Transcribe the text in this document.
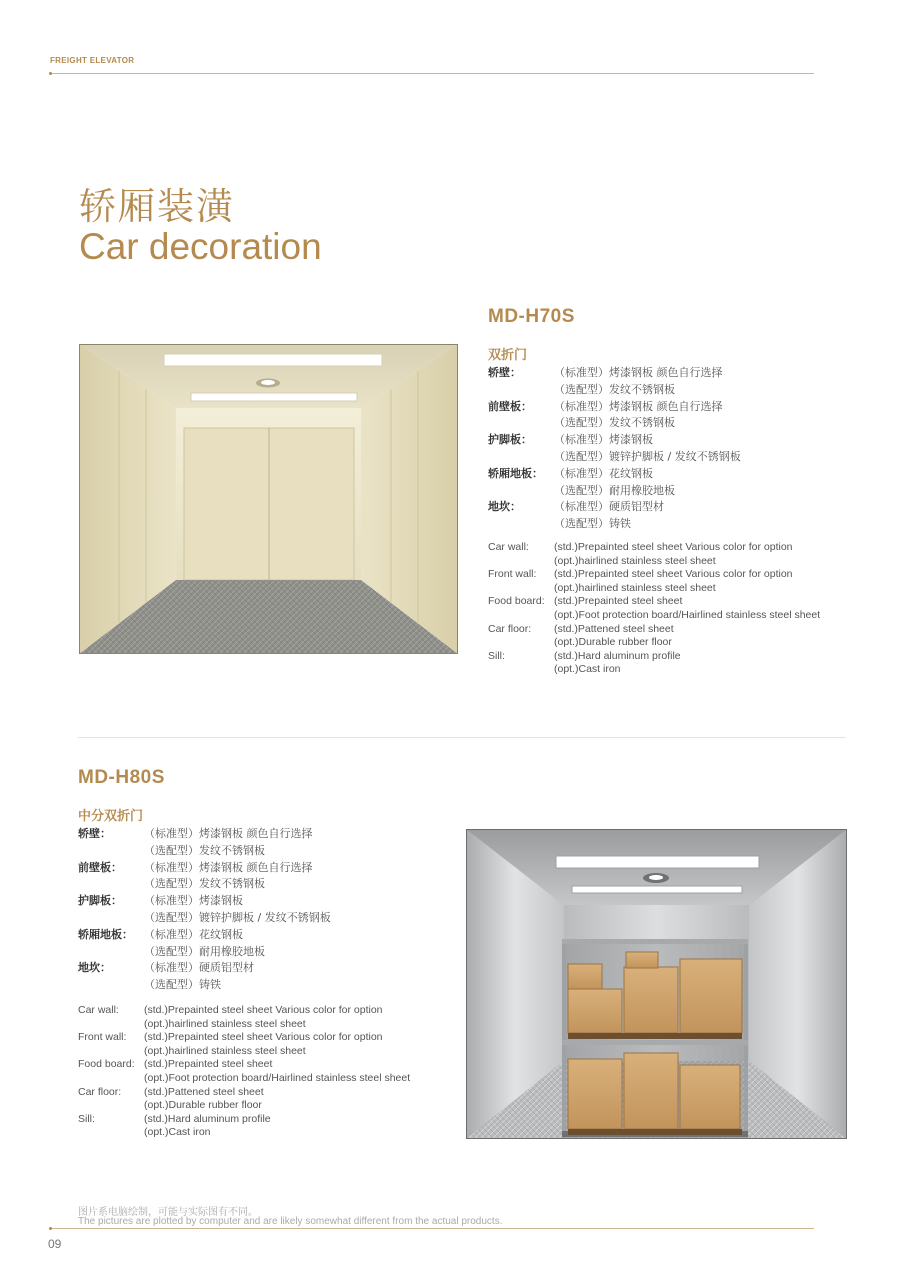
FREIGHT ELEVATOR
轿厢装潢
Car decoration
MD-H70S
双折门
轿壁：	（标准型）烤漆钢板 颜色自行选择
（选配型）发纹不锈钢板
前壁板： （标准型）烤漆钢板 颜色自行选择
（选配型）发纹不锈钢板
护脚板： （标准型）烤漆钢板
（选配型）镀锌护脚板 / 发纹不锈钢板
轿厢地板： （标准型）花纹钢板
（选配型）耐用橡胶地板
地坎：	（标准型）硬质铝型材
（选配型）铸铁
Car wall: (std.)Prepainted steel sheet Various color for option
(opt.)hairlined stainless steel sheet
Front wall: (std.)Prepainted steel sheet Various color for option
(opt.)hairlined stainless steel sheet
Food board: (std.)Prepainted steel sheet
(opt.)Foot protection board/Hairlined stainless steel sheet
Car floor: (std.)Pattened steel sheet
(opt.)Durable rubber floor
Sill:	(std.)Hard aluminum profile
(opt.)Cast iron
MD-H80S
中分双折门
轿壁：	（标准型）烤漆钢板 颜色自行选择
（选配型）发纹不锈钢板
前壁板： （标准型）烤漆钢板 颜色自行选择
（选配型）发纹不锈钢板
护脚板： （标准型）烤漆钢板
（选配型）镀锌护脚板 / 发纹不锈钢板
轿厢地板： （标准型）花纹钢板
（选配型）耐用橡胶地板
地坎：	（标准型）硬质铝型材
（选配型）铸铁
Car wall: (std.)Prepainted steel sheet Various color for option
(opt.)hairlined stainless steel sheet
Front wall: (std.)Prepainted steel sheet Various color for option
(opt.)hairlined stainless steel sheet
Food board: (std.)Prepainted steel sheet
(opt.)Foot protection board/Hairlined stainless steel sheet
Car floor: (std.)Pattened steel sheet
(opt.)Durable rubber floor
Sill:	(std.)Hard aluminum profile
(opt.)Cast iron
图片系电脑绘制，可能与实际图有不同。
The pictures are plotted by computer and are likely somewhat different from the actual products.
09
